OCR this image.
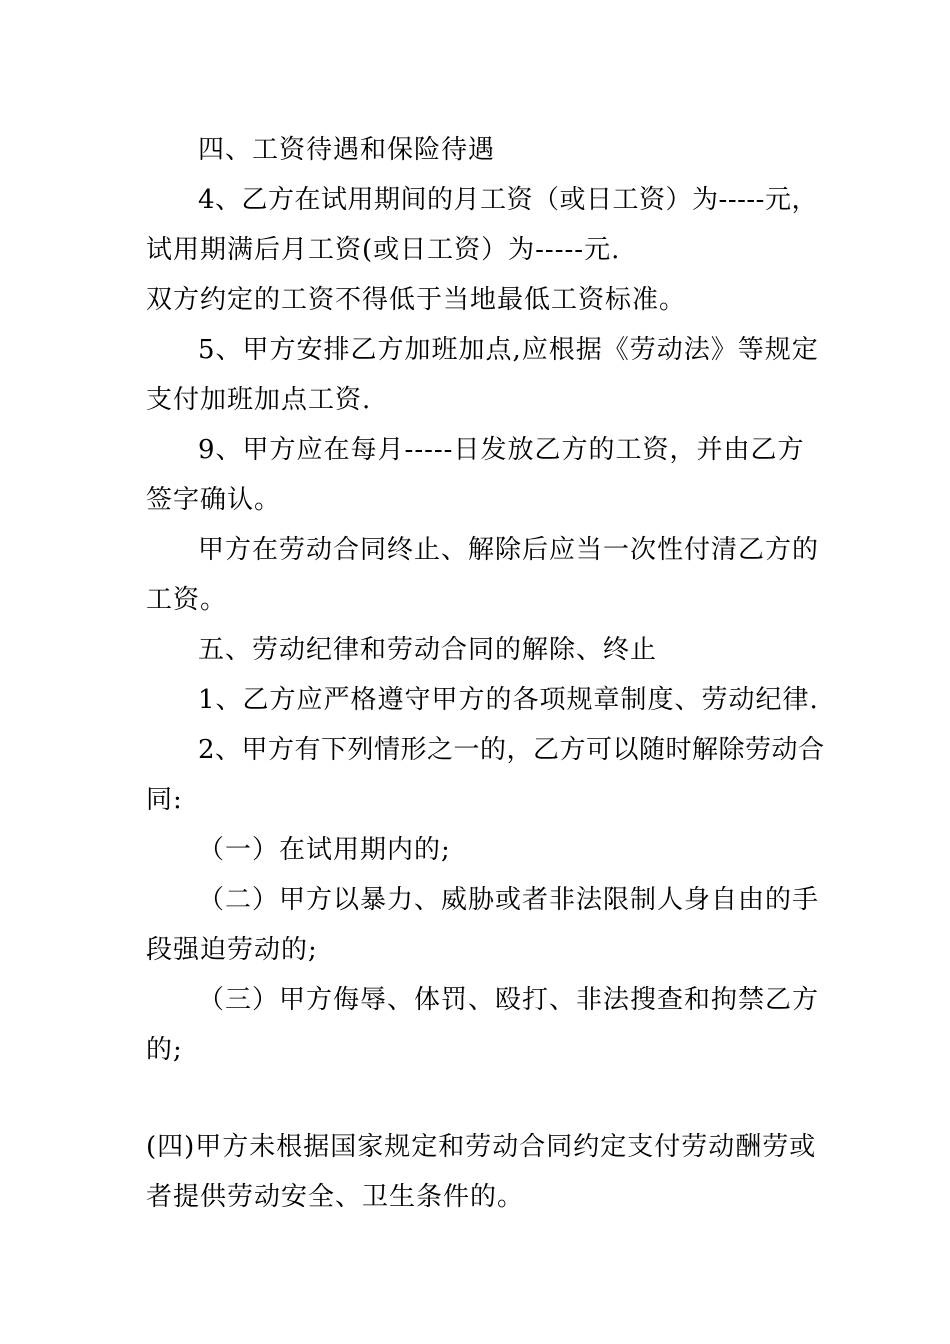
四、工资待遇和保险待遇
4、乙方在试用期间的月工资（或日工资）为-----元，
试用期满后月工资(或日工资）为-----元.
双方约定的工资不得低于当地最低工资标准。
5、甲方安排乙方加班加点,应根据《劳动法》等规定
支付加班加点工资.
9、甲方应在每月-----日发放乙方的工资，并由乙方
签字确认。
甲方在劳动合同终止、解除后应当一次性付清乙方的
工资。
五、劳动纪律和劳动合同的解除、终止
1、乙方应严格遵守甲方的各项规章制度、劳动纪律.
2、甲方有下列情形之一的，乙方可以随时解除劳动合
同:
（一）在试用期内的;
（二）甲方以暴力、威胁或者非法限制人身自由的手
段强迫劳动的;
（三）甲方侮辱、体罚、殴打、非法搜查和拘禁乙方
的;
(四)甲方未根据国家规定和劳动合同约定支付劳动酬劳或
者提供劳动安全、卫生条件的。
